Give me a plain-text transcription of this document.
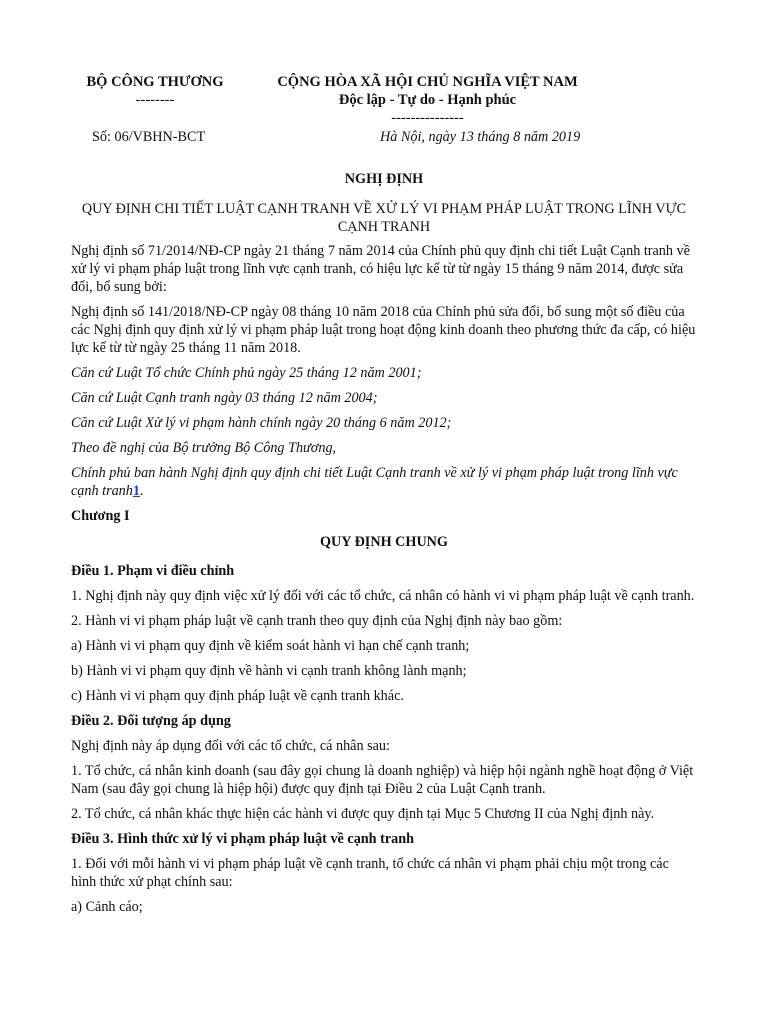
BỘ CÔNG THƯƠNG
--------
CỘNG HÒA XÃ HỘI CHỦ NGHĨA VIỆT NAM
Độc lập - Tự do - Hạnh phúc
---------------
Số: 06/VBHN-BCT	Hà Nội, ngày 13 tháng 8 năm 2019
NGHỊ ĐỊNH
QUY ĐỊNH CHI TIẾT LUẬT CẠNH TRANH VỀ XỬ LÝ VI PHẠM PHÁP LUẬT TRONG LĨNH VỰC CẠNH TRANH

Nghị định số 71/2014/NĐ-CP ngày 21 tháng 7 năm 2014 của Chính phủ quy định chi tiết Luật Cạnh tranh về xử lý vi phạm pháp luật trong lĩnh vực cạnh tranh, có hiệu lực kể từ từ ngày 15 tháng 9 năm 2014, được sửa đổi, bổ sung bởi:

Nghị định số 141/2018/NĐ-CP ngày 08 tháng 10 năm 2018 của Chính phủ sửa đổi, bổ sung một số điều của các Nghị định quy định xử lý vi phạm pháp luật trong hoạt động kinh doanh theo phương thức đa cấp, có hiệu lực kể từ từ ngày 25 tháng 11 năm 2018.

Căn cứ Luật Tổ chức Chính phủ ngày 25 tháng 12 năm 2001;

Căn cứ Luật Cạnh tranh ngày 03 tháng 12 năm 2004;

Căn cứ Luật Xử lý vi phạm hành chính ngày 20 tháng 6 năm 2012;

Theo đề nghị của Bộ trưởng Bộ Công Thương,

Chính phủ ban hành Nghị định quy định chi tiết Luật Cạnh tranh về xử lý vi phạm pháp luật trong lĩnh vực cạnh tranh1.

Chương I

QUY ĐỊNH CHUNG

Điều 1. Phạm vi điều chỉnh

1. Nghị định này quy định việc xử lý đối với các tổ chức, cá nhân có hành vi vi phạm pháp luật về cạnh tranh.

2. Hành vi vi phạm pháp luật về cạnh tranh theo quy định của Nghị định này bao gồm:

a) Hành vi vi phạm quy định về kiểm soát hành vi hạn chế cạnh tranh;

b) Hành vi vi phạm quy định về hành vi cạnh tranh không lành mạnh;

c) Hành vi vi phạm quy định pháp luật về cạnh tranh khác.

Điều 2. Đối tượng áp dụng

Nghị định này áp dụng đối với các tổ chức, cá nhân sau:

1. Tổ chức, cá nhân kinh doanh (sau đây gọi chung là doanh nghiệp) và hiệp hội ngành nghề hoạt động ở Việt Nam (sau đây gọi chung là hiệp hội) được quy định tại Điều 2 của Luật Cạnh tranh.

2. Tổ chức, cá nhân khác thực hiện các hành vi được quy định tại Mục 5 Chương II của Nghị định này.

Điều 3. Hình thức xử lý vi phạm pháp luật về cạnh tranh

1. Đối với mỗi hành vi vi phạm pháp luật về cạnh tranh, tổ chức cá nhân vi phạm phải chịu một trong các hình thức xử phạt chính sau:

a) Cảnh cáo;
